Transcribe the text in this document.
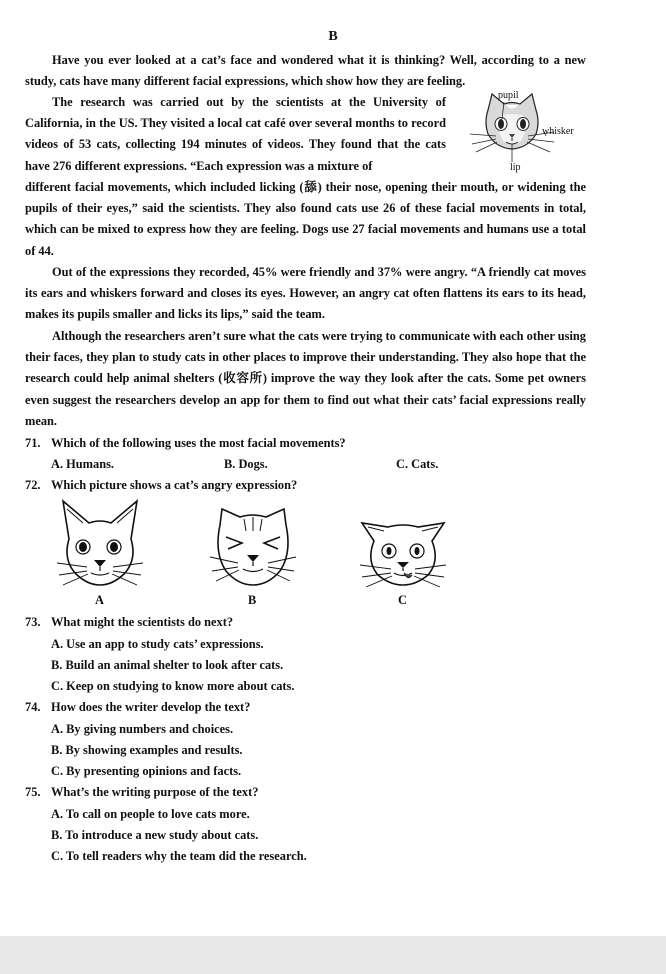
B
Have you ever looked at a cat’s face and wondered what it is thinking? Well, according to a new study, cats have many different facial expressions, which show how they are feeling.
The research was carried out by the scientists at the University of California, in the US. They visited a local cat café over several months to record videos of 53 cats, collecting 194 minutes of videos. They found that the cats have 276 different expressions. “Each expression was a mixture of
pupil
whisker
lip
different facial movements, which included licking (舔) their nose, opening their mouth, or widening the pupils of their eyes,” said the scientists. They also found cats use 26 of these facial movements in total, which can be mixed to express how they are feeling. Dogs use 27 facial movements and humans use a total of 44.
Out of the expressions they recorded, 45% were friendly and 37% were angry. “A friendly cat moves its ears and whiskers forward and closes its eyes. However, an angry cat often flattens its ears to its head, makes its pupils smaller and licks its lips,” said the team.
Although the researchers aren’t sure what the cats were trying to communicate with each other using their faces, they plan to study cats in other places to improve their understanding. They also hope that the research could help animal shelters (收容所) improve the way they look after the cats. Some pet owners even suggest the researchers develop an app for them to find out what their cats’ facial expressions really mean.
71. Which of the following uses the most facial movements?
A. Humans.	B. Dogs.	C. Cats.
72. Which picture shows a cat’s angry expression?
A	B	C
73. What might the scientists do next?
A. Use an app to study cats’ expressions.
B. Build an animal shelter to look after cats.
C. Keep on studying to know more about cats.
74. How does the writer develop the text?
A. By giving numbers and choices.
B. By showing examples and results.
C. By presenting opinions and facts.
75. What’s the writing purpose of the text?
A. To call on people to love cats more.
B. To introduce a new study about cats.
C. To tell readers why the team did the research.
